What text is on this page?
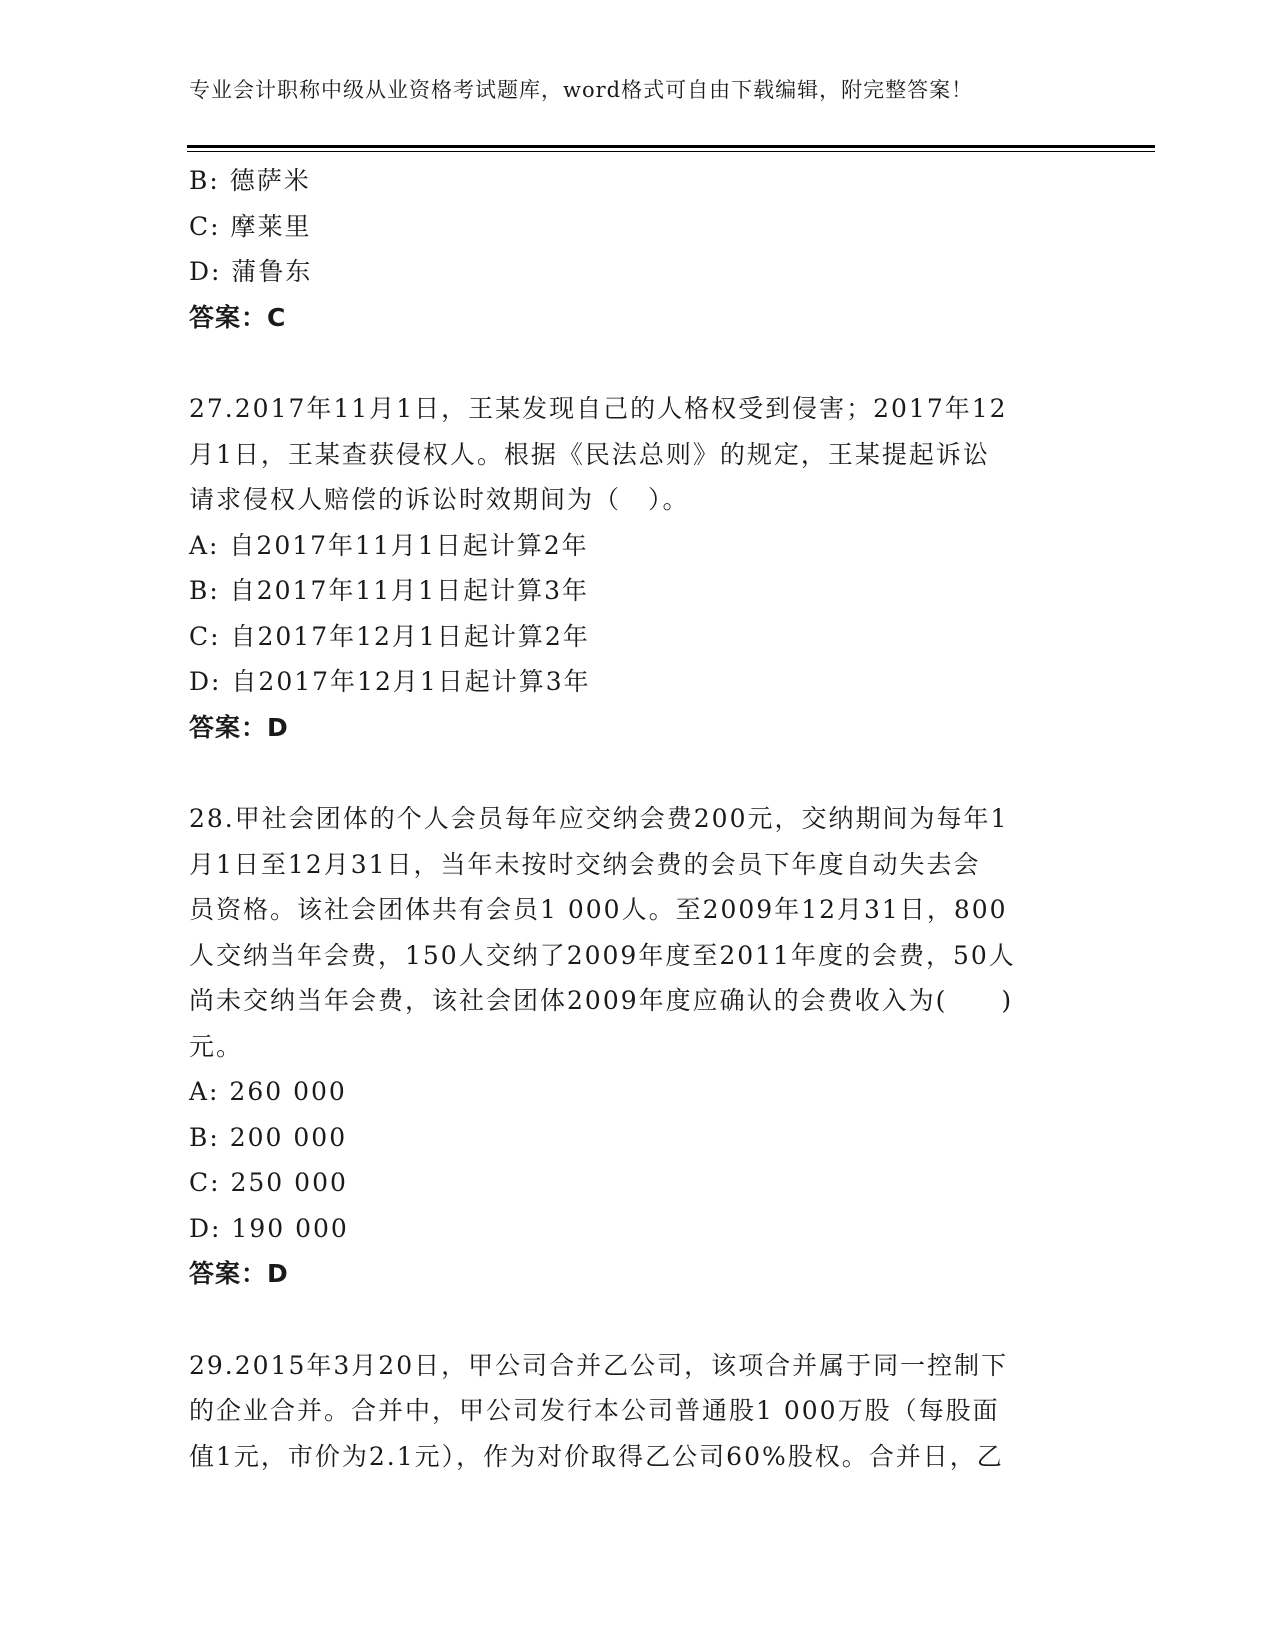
专业会计职称中级从业资格考试题库，word格式可自由下载编辑，附完整答案！
B: 德萨米
C: 摩莱里
D: 蒲鲁东
答案：C
27.2017年11月1日，王某发现自己的人格权受到侵害；2017年12
月1日，王某查获侵权人。根据《民法总则》的规定，王某提起诉讼
请求侵权人赔偿的诉讼时效期间为（　）。
A: 自2017年11月1日起计算2年
B: 自2017年11月1日起计算3年
C: 自2017年12月1日起计算2年
D: 自2017年12月1日起计算3年
答案：D
28.甲社会团体的个人会员每年应交纳会费200元，交纳期间为每年1
月1日至12月31日，当年未按时交纳会费的会员下年度自动失去会
员资格。该社会团体共有会员1 000人。至2009年12月31日，800
人交纳当年会费，150人交纳了2009年度至2011年度的会费，50人
尚未交纳当年会费，该社会团体2009年度应确认的会费收入为(　　)
元。
A: 260 000
B: 200 000
C: 250 000
D: 190 000
答案：D
29.2015年3月20日，甲公司合并乙公司，该项合并属于同一控制下
的企业合并。合并中，甲公司发行本公司普通股1 000万股（每股面
值1元，市价为2.1元），作为对价取得乙公司60%股权。合并日，乙
